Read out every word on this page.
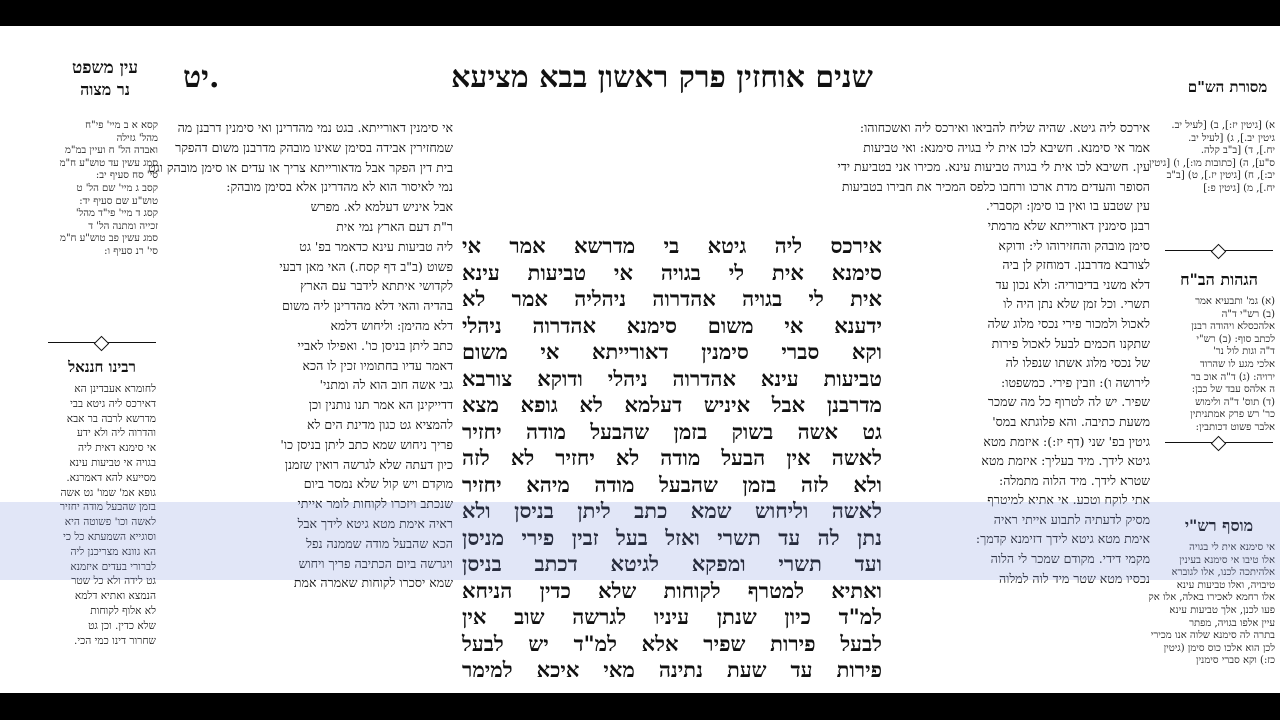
יט.	שנים אוחזין פרק ראשון בבא מציעא
עין משפט
נר מצוה	מסורת הש"ם
א) [גיטין יז:], ב) [לעיל יב.
גיטין יב.], ג) [לעיל יב.
יח.], ד) [ב"ב קלה.
ס"ע], ה) [כתובות מו:], ו) [גיטין
יב:], ח) [גיטין יז.], ט) [ב"ב
יח.], מ) [גיטין פ:]
הגהות הב"ח
(א) גמ' ותבעיא אמר
(ב) רש"י ד"ה
אלהכסלא ויהודה רבנן
לכתב סוף: (ב) רש"י
ד"ה וגות לול נר'
אלכי מגע לו שהרוד
ירויה: (ג) ד"ה אוכ בר
ה אלהס עבד של כבן:
(ד) תוס' ד"ה ולימוש
כר' רש פרק אמתניתין
אלבר פשוט דכותבין:
מוסף רש"י
אי סימנא אית לי בגויה
אלו טיבו אי סימנא בעינין
אלהיתכה לכנו, אלו לגוברא
טיבויה, ואלו טביעות עינא
אלו רחמא לאכירו באלה, אלו אק
פעו לכנן, אלך טביעות עינא
עיין אלפו בגויה, מפתר
בתרה לה סימנא שלוה אנו מכירי
לכן הוא אלכו כוס סימן (גיטין
כז:) וקא סברי סימנין
קסא א ב מיי' פי"ח
מהל' גזילה
ואבדה הל' ח ועיין במ"מ
סמג עשין עד טוש"ע ח"מ
סי' סח סעיף יב:
קסב ג מיי' שם הל' ט
טוש"ע שם סעיף יד:
קסג ד מיי' פי"ד מהל'
זכייה ומתנה הל' ד
סמג עשין פב טוש"ע ח"מ
סי' רנ סעיף ו:
רבינו חננאל
לחומרא אעבדינן הא
דאירכס ליה גיטא בבי
מדרשא לרבה בר אבא
והדרוה ליה ולא ידע
אי סימנא דאית ליה
בגויה אי טביעות עינא
מסייעא להא דאמרנא.
גופא אמ' שמו' גט אשה
בזמן שהבעל מודה יחזיר
לאשה וכו' פשוטה היא
וסוגייא השמעתא כל כי
הא גוונא מצריכנן ליה
לברורי בעדים איזמנא
גט לידה ולא כל שטר
הנמצא ואתיא דלמא
לא אלוף לקוחות
שלא כדין. וכן גט
שחרור דינו כמי הכי.
אירכס ליה גיטא. שהיה שליח להביאו ואירכס ליה ואשכחוהו:
אמר אי סימנא. חשיבא לכו אית לי בגויה סימנא: ואי טביעות
עין. חשיבא לכו אית לי בגויה טביעות עינא. מכירו אני בטביעת ידי
הסופר והעדים מדת ארכו ורחבו כלפס המכיר את חבירו בטביעות
עין שטבע בו ואין בו סימן: וקסברי.
רבנן סימנין דאורייתא שלא מרמתי
סימן מובהק והחזירוהו לי: ודוקא
לצורבא מדרבנן. דמוחזק לן ביה
דלא משני בדיבוריה: ולא נכון עד
תשרי. וכל זמן שלא נתן היה לו
לאכול ולמכור פירי נכסי מלוג שלה
שתקנו חכמים לבעל לאכול פירות
של נכסי מלוג אשתו שנפלו לה
לירושה ו): וזבין פירי. כמשפטו:
שפיר. יש לה לטרוף כל מה שמכר
משעת כתיבה. והא פלוגתא במס'
גיטין בפ' שני (דף יז:): איזמת מטא
גיטא לידך. מיד בעליך: איזמת מטא
שטרא לידך. מיד הלוה מתמלה:
אתי לוקח וטכע. אי אתיא למיטרף
מסיק לדעתיה לתבוע אייתי ראיה
אימת מטא גיטא לידך דזימנא קדמך:
מקמי דידי. מקודם שמכר לי הלוה
נכסיו מטא שטר מיד לוה למלוה
אי סימנין דאורייתא. בגט נמי מהדרינן ואי סימנין דרבנן מה
שמחזירין אבידה בסימן שאינו מובהק מדרבנן משום דהפקר
בית דין הפקר אבל מדאורייתא צריך או עדים או סימן מובהק וגט
נמי לאיסור הוא לא מהדרינן אלא בסימן מובהק:
אבל איניש דעלמא לא. מפרש
ר"ת דעם הארץ נמי אית
ליה טביעות עינא כדאמר בפ' גט
פשוט (ב"ב דף קסח.) האי מאן דבעי
לקדושי איתתא לידבר עם הארץ
בהדיה והאי דלא מהדרינן ליה משום
דלא מהימן: וליחוש דלמא
כתב ליתן בניסן כו'. ואפילו לאביי
דאמר עדיו בחתומיו זכין לו הכא
גבי אשה חוב הוא לה ומתני'
דדייקינן הא אמר תנו נותנין וכן
להמציא גט כגון מדינת הים לא
פריך ניחוש שמא כתב ליתן בניסן כו'
כיון דעתה שלא לגרשה רואין שזמנן
מוקדם ויש קול שלא נמסר ביום
שנכתב ויזכרו לקוחות לומר אייתי
ראיה אימת מטא גיטא לידך אבל
הכא שהבעל מודה שממנה נפל
ויגרשה ביום הכתיבה פריך ויחוש
שמא יסכרו לקוחות שאמרה אמת
אירכס ליה גיטא בי מדרשא אמר אי
סימנא אית לי בגויה אי טביעות עינא
אית לי בגויה אהדרוה ניהליה אמר לא
ידענא אי משום סימנא אהדרוה ניהלי
וקא סברי סימנין דאורייתא אי משום
טביעות עינא אהדרוה ניהלי ודוקא צורבא
מדרבנן אבל איניש דעלמא לא גופא מצא
גט אשה בשוק בזמן שהבעל מודה יחזיר
לאשה אין הבעל מודה לא יחזיר לא לזה
ולא לזה בזמן שהבעל מודה מיהא יחזיר
לאשה וליחוש שמא כתב ליתן בניסן ולא
נתן לה עד תשרי ואזל בעל זבין פירי מניסן
ועד תשרי ומפקא לגיטא דכתב בניסן
ואתיא למטרף לקוחות שלא כדין הניחא
למ"ד כיון שנתן עיניו לגרשה שוב אין
לבעל פירות שפיר אלא למ"ד יש לבעל
פירות עד שעת נתינה מאי איכא למימר
